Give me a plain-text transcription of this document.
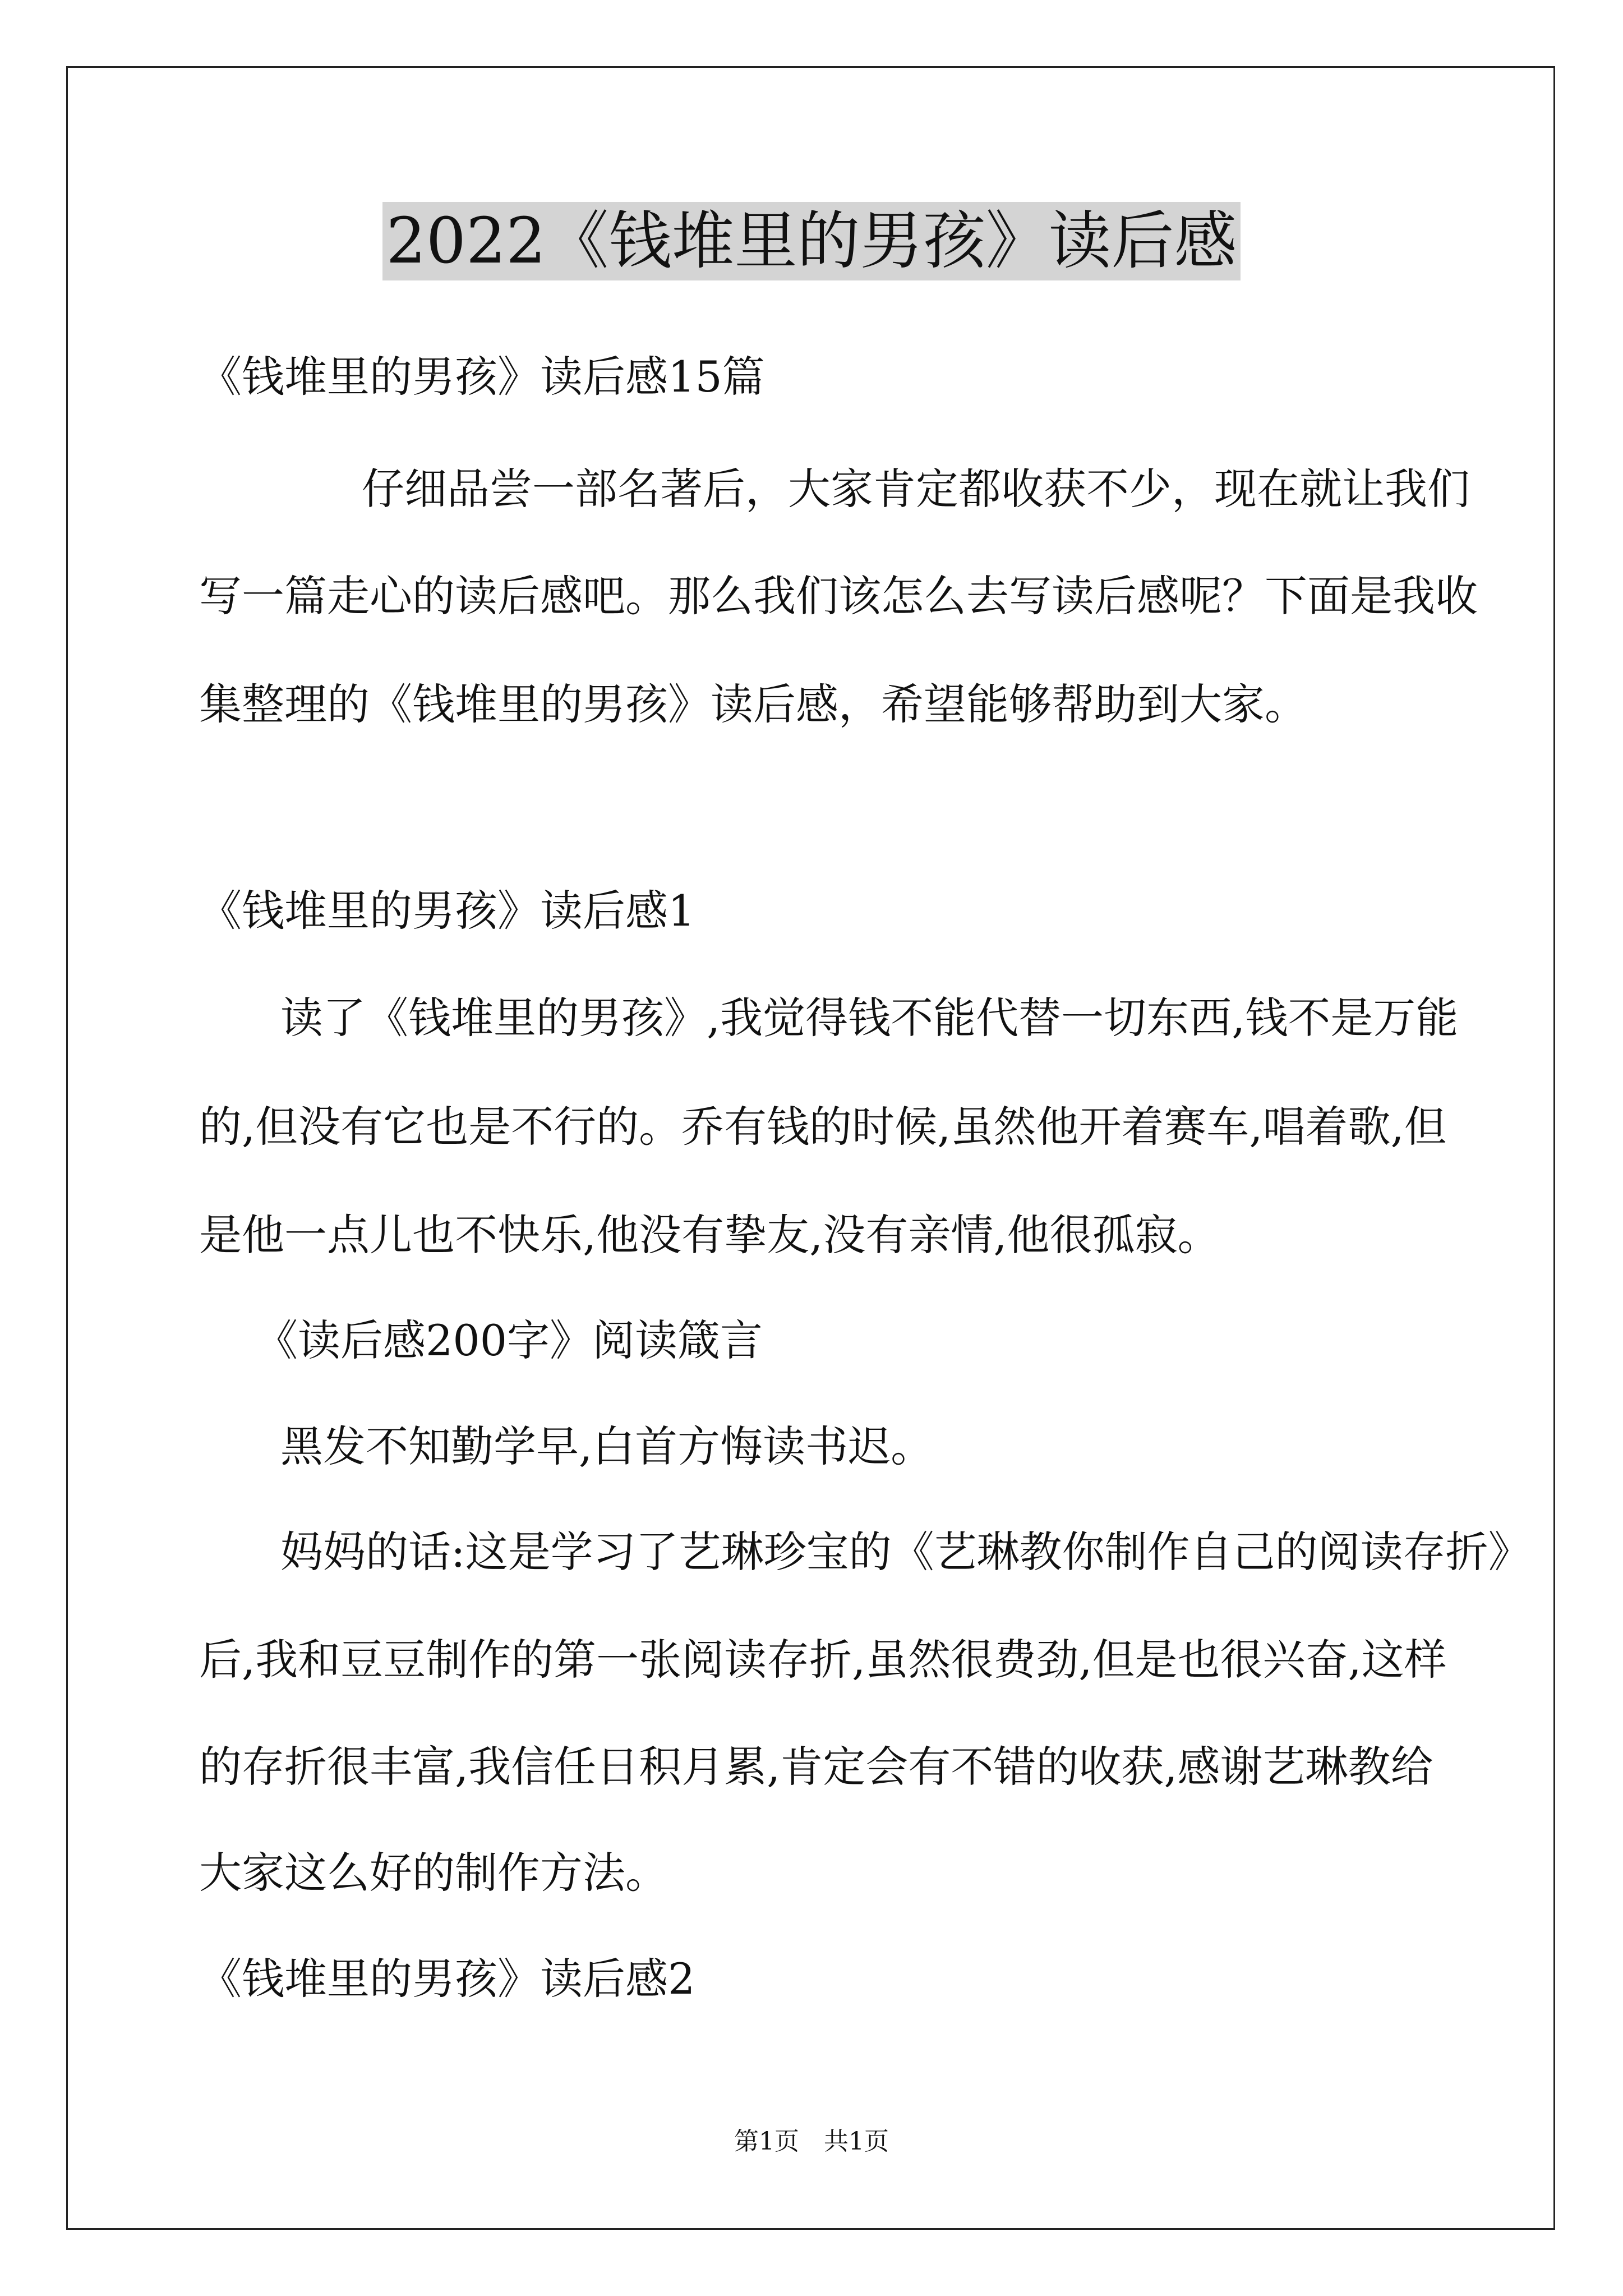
2022《钱堆里的男孩》读后感
《钱堆里的男孩》读后感15篇
仔细品尝一部名著后，大家肯定都收获不少，现在就让我们
写一篇走心的读后感吧。那么我们该怎么去写读后感呢？下面是我收
集整理的《钱堆里的男孩》读后感，希望能够帮助到大家。
《钱堆里的男孩》读后感1
读了《钱堆里的男孩》,我觉得钱不能代替一切东西,钱不是万能
的,但没有它也是不行的。乔有钱的时候,虽然他开着赛车,唱着歌,但
是他一点儿也不快乐,他没有挚友,没有亲情,他很孤寂。
《读后感200字》阅读箴言
黑发不知勤学早,白首方悔读书迟。
妈妈的话:这是学习了艺琳珍宝的《艺琳教你制作自己的阅读存折》
后,我和豆豆制作的第一张阅读存折,虽然很费劲,但是也很兴奋,这样
的存折很丰富,我信任日积月累,肯定会有不错的收获,感谢艺琳教给
大家这么好的制作方法。
《钱堆里的男孩》读后感2
第1页　共1页
